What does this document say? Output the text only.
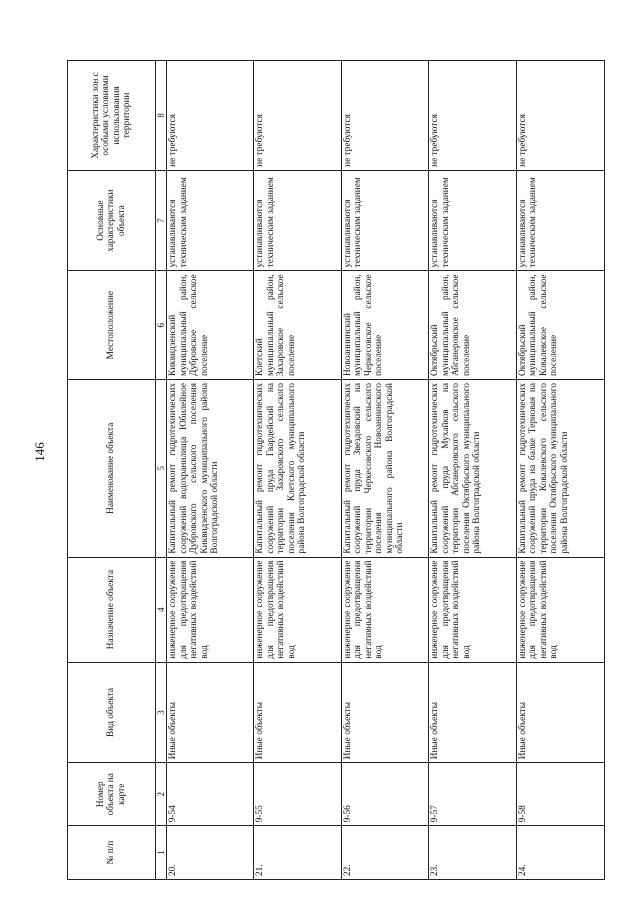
146
№ п/п	Номер объекта на карте	Вид объекта	Назначение объекта	Наименование объекта	Местоположение	Основные характеристики объекта	Характеристики зон с особыми условиями использования территории
1	2	3	4	5	6	7	8
20.	9-54	Иные объекты	инженерное сооружение для предотвращения негативных воздействий вод	Капитальный ремонт гидротехнических сооружений водохранилища Юбилейное Дубровского сельского поселения Киквидзенского муниципального района Волгоградской области	Киквидзенский муниципальный район, Дубровское сельское поселение	устанавливаются техническим заданием	не требуются
21.	9-55	Иные объекты	инженерное сооружение для предотвращения негативных воздействий вод	Капитальный ремонт гидротехнических сооружений пруда Гвардейский на территории Захаровского сельского поселения Клетского муниципального района Волгоградской области	Клетский муниципальный район, Захаровское сельское поселение	устанавливаются техническим заданием	не требуются
22.	9-56	Иные объекты	инженерное сооружение для предотвращения негативных воздействий вод	Капитальный ремонт гидротехнических сооружений пруда Звездовский на территории Черкесовского сельского поселения Новоаннинского муниципального района Волгоградской области	Новоаннинский муниципальный район, Черкесовское сельское поселение	устанавливаются техническим заданием	не требуются
23.	9-57	Иные объекты	инженерное сооружение для предотвращения негативных воздействий вод	Капитальный ремонт гидротехнических сооружений пруда Мухайков на территории Абганеровского сельского поселения Октябрьского муниципального района Волгоградской области	Октябрьский муниципальный район, Абганеровское сельское поселение	устанавливаются техническим заданием	не требуются
24.	9-58	Иные объекты	инженерное сооружение для предотвращения негативных воздействий вод	Капитальный ремонт гидротехнических сооружений пруда на балке Терновая на территории Ковалевского сельского поселения Октябрьского муниципального района Волгоградской области	Октябрьский муниципальный район, Ковалевское сельское поселение	устанавливаются техническим заданием	не требуются
